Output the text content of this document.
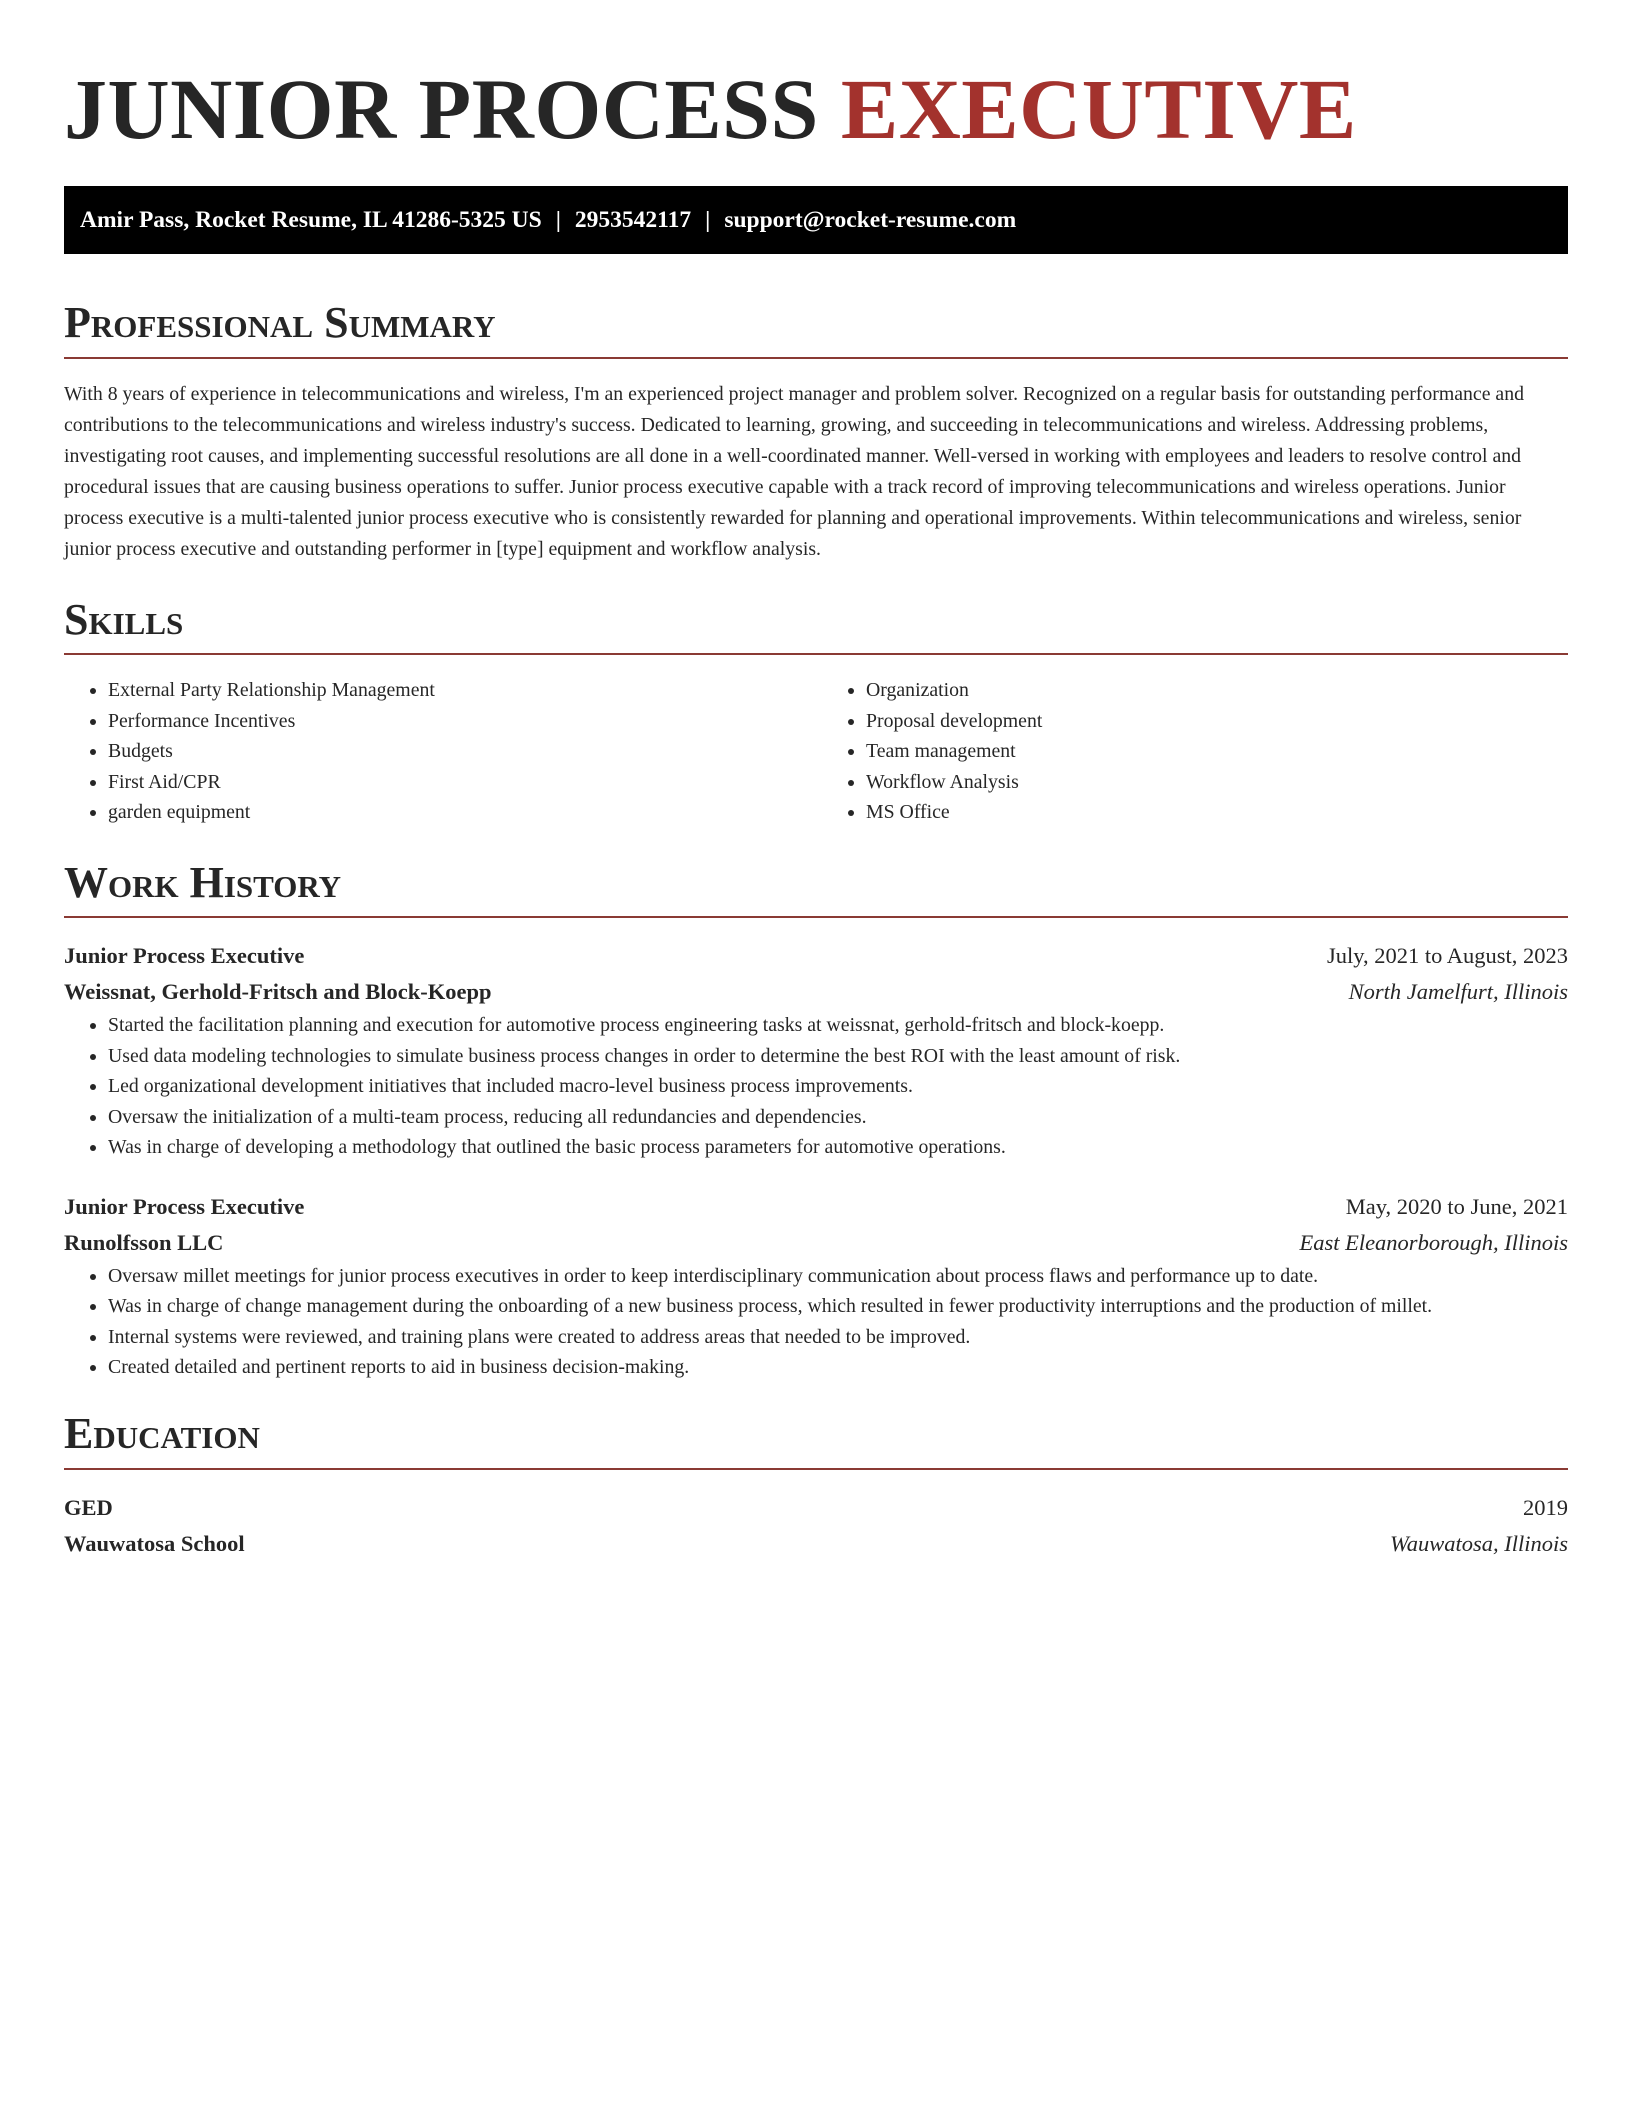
JUNIOR PROCESS EXECUTIVE
Amir Pass, Rocket Resume, IL 41286-5325 US | 2953542117 | support@rocket-resume.com
Professional Summary

With 8 years of experience in telecommunications and wireless, I'm an experienced project manager and problem solver. Recognized on a regular basis for outstanding performance and contributions to the telecommunications and wireless industry's success. Dedicated to learning, growing, and succeeding in telecommunications and wireless. Addressing problems, investigating root causes, and implementing successful resolutions are all done in a well-coordinated manner. Well-versed in working with employees and leaders to resolve control and procedural issues that are causing business operations to suffer. Junior process executive capable with a track record of improving telecommunications and wireless operations. Junior process executive is a multi-talented junior process executive who is consistently rewarded for planning and operational improvements. Within telecommunications and wireless, senior junior process executive and outstanding performer in [type] equipment and workflow analysis.

Skills
• External Party Relationship Management
• Performance Incentives
• Budgets
• First Aid/CPR
• garden equipment
• Organization
• Proposal development
• Team management
• Workflow Analysis
• MS Office
Work History
Junior Process Executive	July, 2021 to August, 2023
Weissnat, Gerhold-Fritsch and Block-Koepp	North Jamelfurt, Illinois
• Started the facilitation planning and execution for automotive process engineering tasks at weissnat, gerhold-fritsch and block-koepp.
• Used data modeling technologies to simulate business process changes in order to determine the best ROI with the least amount of risk.
• Led organizational development initiatives that included macro-level business process improvements.
• Oversaw the initialization of a multi-team process, reducing all redundancies and dependencies.
• Was in charge of developing a methodology that outlined the basic process parameters for automotive operations.
Junior Process Executive	May, 2020 to June, 2021
Runolfsson LLC	East Eleanorborough, Illinois
• Oversaw millet meetings for junior process executives in order to keep interdisciplinary communication about process flaws and performance up to date.
• Was in charge of change management during the onboarding of a new business process, which resulted in fewer productivity interruptions and the production of millet.
• Internal systems were reviewed, and training plans were created to address areas that needed to be improved.
• Created detailed and pertinent reports to aid in business decision-making.
Education
GED	2019
Wauwatosa School	Wauwatosa, Illinois
